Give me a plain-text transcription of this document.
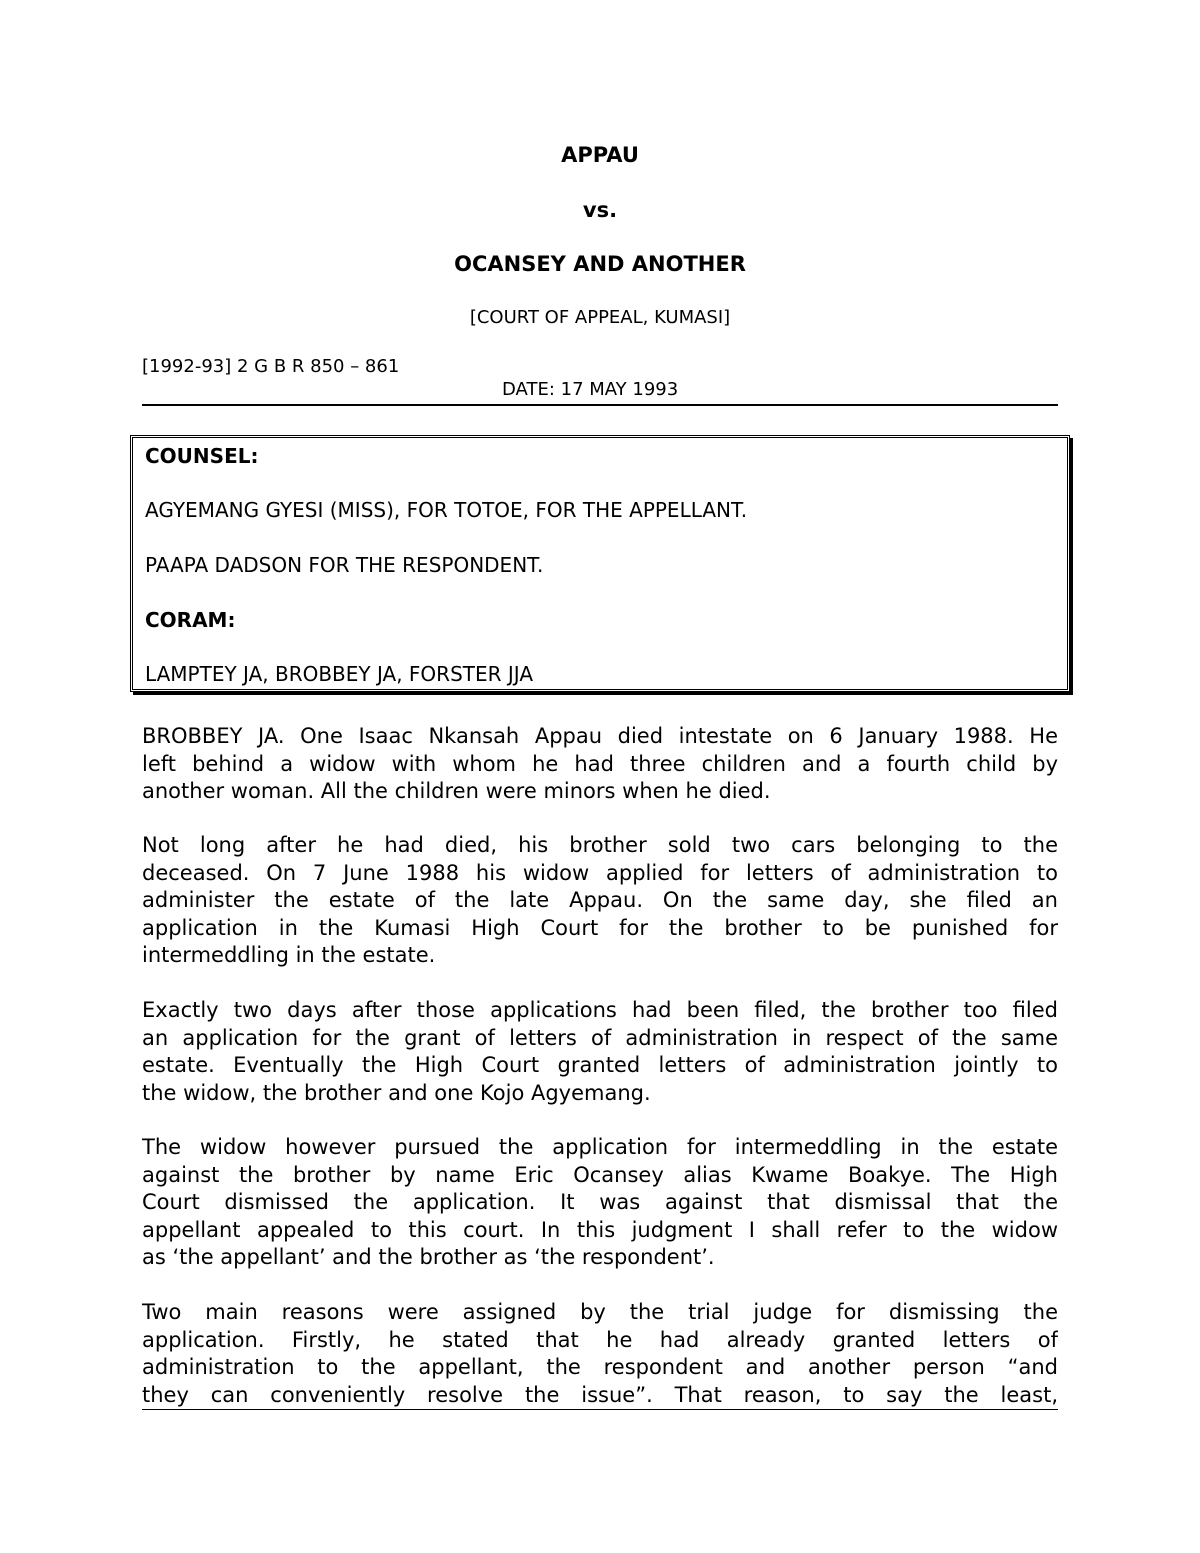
APPAU
vs.
OCANSEY AND ANOTHER
[COURT OF APPEAL, KUMASI]
[1992-93] 2 G B R 850 – 861
DATE: 17 MAY 1993
COUNSEL:
AGYEMANG GYESI (MISS), FOR TOTOE, FOR THE APPELLANT.
PAAPA DADSON FOR THE RESPONDENT.
CORAM:
LAMPTEY JA, BROBBEY JA, FORSTER JJA
BROBBEY JA. One Isaac Nkansah Appau died intestate on 6 January 1988. He
left behind a widow with whom he had three children and a fourth child by
another woman. All the children were minors when he died.
Not long after he had died, his brother sold two cars belonging to the
deceased. On 7 June 1988 his widow applied for letters of administration to
administer the estate of the late Appau. On the same day, she filed an
application in the Kumasi High Court for the brother to be punished for
intermeddling in the estate.
Exactly two days after those applications had been filed, the brother too filed
an application for the grant of letters of administration in respect of the same
estate. Eventually the High Court granted letters of administration jointly to
the widow, the brother and one Kojo Agyemang.
The widow however pursued the application for intermeddling in the estate
against the brother by name Eric Ocansey alias Kwame Boakye. The High
Court dismissed the application. It was against that dismissal that the
appellant appealed to this court. In this judgment I shall refer to the widow
as ‘the appellant’ and the brother as ‘the respondent’.
Two main reasons were assigned by the trial judge for dismissing the
application. Firstly, he stated that he had already granted letters of
administration to the appellant, the respondent and another person “and
they can conveniently resolve the issue”. That reason, to say the least,
